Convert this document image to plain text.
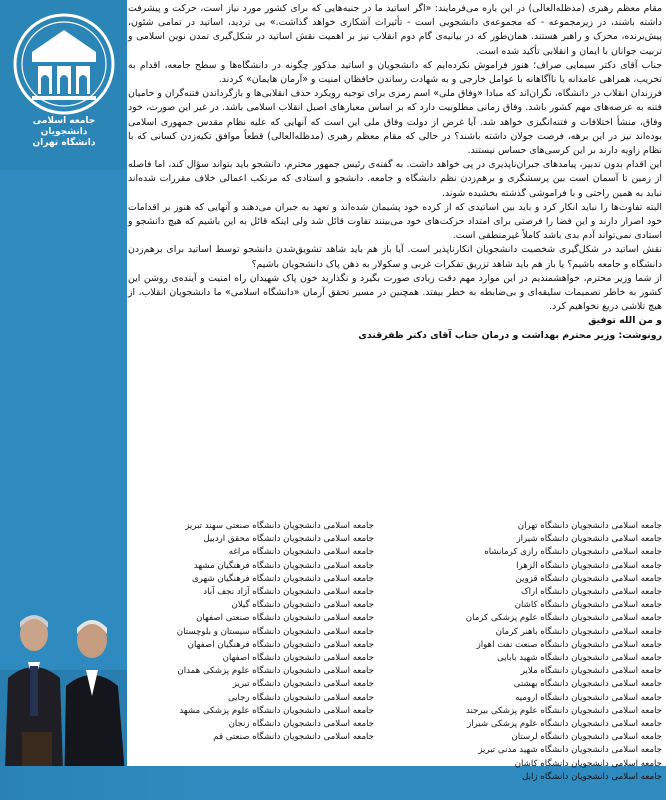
جامعه اسلامی دانشجویان
دانشگاه تهران

مقام معظم رهبری (مدظله‌العالی) در این باره می‌فرمایند: «اگر اساتید ما در جنبه‌هایی که برای کشور مورد نیاز است، حرکت و پیشرفت داشته باشند، در زیرمجموعه - که مجموعه‌ی دانشجویی است - تأثیرات آشکاری خواهد گذاشت.» بی تردید، اساتید در تمامی شئون، پیش‌برنده، محرک و راهبر هستند. همان‌طور که در بیانیه‌ی گام دوم انقلاب نیز بر اهمیت نقش اساتید در شکل‌گیری تمدن نوین اسلامی و تربیت جوانان با ایمان و انقلابی تأکید شده است.

جناب آقای دکتر سیمایی صراف؛ هنوز فراموش نکرده‌ایم که دانشجویان و اساتید مذکور چگونه در دانشگاه‌ها و سطح جامعه، اقدام به تخریب، همراهی عامدانه یا ناآگاهانه با عوامل خارجی و به شهادت رساندن حافظان امنیت و «آرمان هایمان» کردند.

فرزندان انقلاب در دانشگاه، نگران‌اند که مبادا «وفاق ملی» اسم رمزی برای توجیه رویکرد حذف انقلابی‌ها و بازگرداندن فتنه‌گران و حامیان فتنه به عرصه‌های مهم کشور باشد. وفاق زمانی مطلوبیت دارد که بر اساس معیارهای اصیل انقلاب اسلامی باشد. در غیر این صورت، خود وفاق، منشأ اختلافات و فتنه‌انگیزی خواهد شد. آیا غرض از دولت وفاق ملی این است که آنهایی که علیه نظام مقدس جمهوری اسلامی بوده‌اند نیز در این برهه، فرصت جولان داشته باشند؟ در حالی که مقام معظم رهبری (مدظله‌العالی) قطعاً موافق تکیه‌زدن کسانی که با نظام زاویه دارند بر این کرسی‌های حساس نیستند.

این اقدام بدون تدبیر، پیامدهای جبران‌ناپذیری در پی خواهد داشت. به گفته‌ی رئیس جمهور محترم، دانشجو باید بتواند سؤال کند، اما فاصله از زمین تا آسمان است بین پرسشگری و برهم‌زدن نظم دانشگاه و جامعه. دانشجو و استادی که مرتکب اعمالی خلاف مقررات شده‌اند نباید به همین راحتی و با فراموشی گذشته بخشیده شوند.

البته تفاوت‌ها را نباید انکار کرد و باید بین اساتیدی که از کرده خود پشیمان شده‌اند و تعهد به جبران می‌دهند و آنهایی که هنوز بر اقدامات خود اصرار دارند و این فضا را فرصتی برای امتداد حرکت‌های خود می‌بینند تفاوت قائل شد ولی اینکه قائل به این باشیم که هیچ دانشجو و استادی نمی‌تواند آدم بدی باشد کاملاً غیرمنطقی است.

نقش اساتید در شکل‌گیری شخصیت دانشجویان انکارناپذیر است. آیا باز هم باید شاهد تشویق‌شدن دانشجو توسط اساتید برای برهم‌زدن دانشگاه و جامعه باشیم؟ یا باز هم باید شاهد تزریق تفکرات غربی و سکولار به ذهن پاک دانشجویان باشیم؟

از شما وزیر محترم، خواهشمندیم در این موارد مهم دقت زیادی صورت بگیرد و نگذارید خون پاک شهیدان راه امنیت و آینده‌ی روشن این کشور به خاطر تصمیمات سلیقه‌ای و بی‌ضابطه به خطر بیفتد. همچنین در مسیر تحقق آرمان «دانشگاه اسلامی» ما دانشجویان انقلاب، از هیچ تلاشی دریغ نخواهیم کرد.

و من الله توفیق

رونوشت: وزیر محترم بهداشت و درمان جناب آقای دکتر ظفرقندی

جامعه اسلامی دانشجویان دانشگاه تهران
جامعه اسلامی دانشجویان دانشگاه شیراز
جامعه اسلامی دانشجویان دانشگاه رازی کرمانشاه
جامعه اسلامی دانشجویان دانشگاه الزهرا
جامعه اسلامی دانشجویان دانشگاه قزوین
جامعه اسلامی دانشجویان دانشگاه اراک
جامعه اسلامی دانشجویان دانشگاه کاشان
جامعه اسلامی دانشجویان دانشگاه علوم پزشکی کرمان
جامعه اسلامی دانشجویان دانشگاه باهنر کرمان
جامعه اسلامی دانشجویان دانشگاه صنعت نفت اهواز
جامعه اسلامی دانشجویان دانشگاه شهید بابایی
جامعه اسلامی دانشجویان دانشگاه ملایر
جامعه اسلامی دانشجویان دانشگاه بهشتی
جامعه اسلامی دانشجویان دانشگاه ارومیه
جامعه اسلامی دانشجویان دانشگاه علوم پزشکی بیرجند
جامعه اسلامی دانشجویان دانشگاه علوم پزشکی شیراز
جامعه اسلامی دانشجویان دانشگاه لرستان
جامعه اسلامی دانشجویان دانشگاه شهید مدنی تبریز
جامعه اسلامی دانشجویان دانشگاه کاشان
جامعه اسلامی دانشجویان دانشگاه زابل
جامعه اسلامی دانشجویان دانشگاه صنعتی سهند تبریز
جامعه اسلامی دانشجویان دانشگاه محقق اردبیل
جامعه اسلامی دانشجویان دانشگاه مراغه
جامعه اسلامی دانشجویان دانشگاه فرهنگیان مشهد
جامعه اسلامی دانشجویان دانشگاه فرهنگیان شهری
جامعه اسلامی دانشجویان دانشگاه آزاد نجف آباد
جامعه اسلامی دانشجویان دانشگاه گیلان
جامعه اسلامی دانشجویان دانشگاه صنعتی اصفهان
جامعه اسلامی دانشجویان دانشگاه سیستان و بلوچستان
جامعه اسلامی دانشجویان دانشگاه فرهنگیان اصفهان
جامعه اسلامی دانشجویان دانشگاه اصفهان
جامعه اسلامی دانشجویان دانشگاه علوم پزشکی همدان
جامعه اسلامی دانشجویان دانشگاه تبریز
جامعه اسلامی دانشجویان دانشگاه رجایی
جامعه اسلامی دانشجویان دانشگاه علوم پزشکی مشهد
جامعه اسلامی دانشجویان دانشگاه زنجان
جامعه اسلامی دانشجویان دانشگاه صنعتی قم
